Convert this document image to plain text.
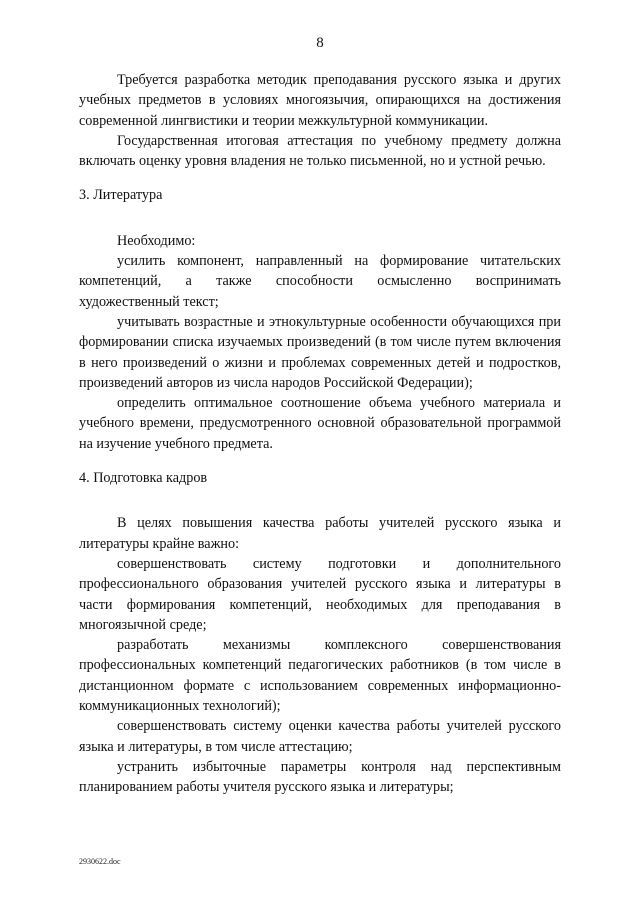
8

Требуется разработка методик преподавания русского языка и других учебных предметов в условиях многоязычия, опирающихся на достижения современной лингвистики и теории межкультурной коммуникации.

Государственная итоговая аттестация по учебному предмету должна включать оценку уровня владения не только письменной, но и устной речью.

3. Литература

Необходимо:

усилить компонент, направленный на формирование читательских компетенций, а также способности осмысленно воспринимать художественный текст;

учитывать возрастные и этнокультурные особенности обучающихся при формировании списка изучаемых произведений (в том числе путем включения в него произведений о жизни и проблемах современных детей и подростков, произведений авторов из числа народов Российской Федерации);

определить оптимальное соотношение объема учебного материала и учебного времени, предусмотренного основной образовательной программой на изучение учебного предмета.

4. Подготовка кадров

В целях повышения качества работы учителей русского языка и литературы крайне важно:

совершенствовать систему подготовки и дополнительного профессионального образования учителей русского языка и литературы в части формирования компетенций, необходимых для преподавания в многоязычной среде;

разработать механизмы комплексного совершенствования профессиональных компетенций педагогических работников (в том числе в дистанционном формате с использованием современных информационно-коммуникационных технологий);

совершенствовать систему оценки качества работы учителей русского языка и литературы, в том числе аттестацию;

устранить избыточные параметры контроля над перспективным планированием работы учителя русского языка и литературы;

2930622.doc
